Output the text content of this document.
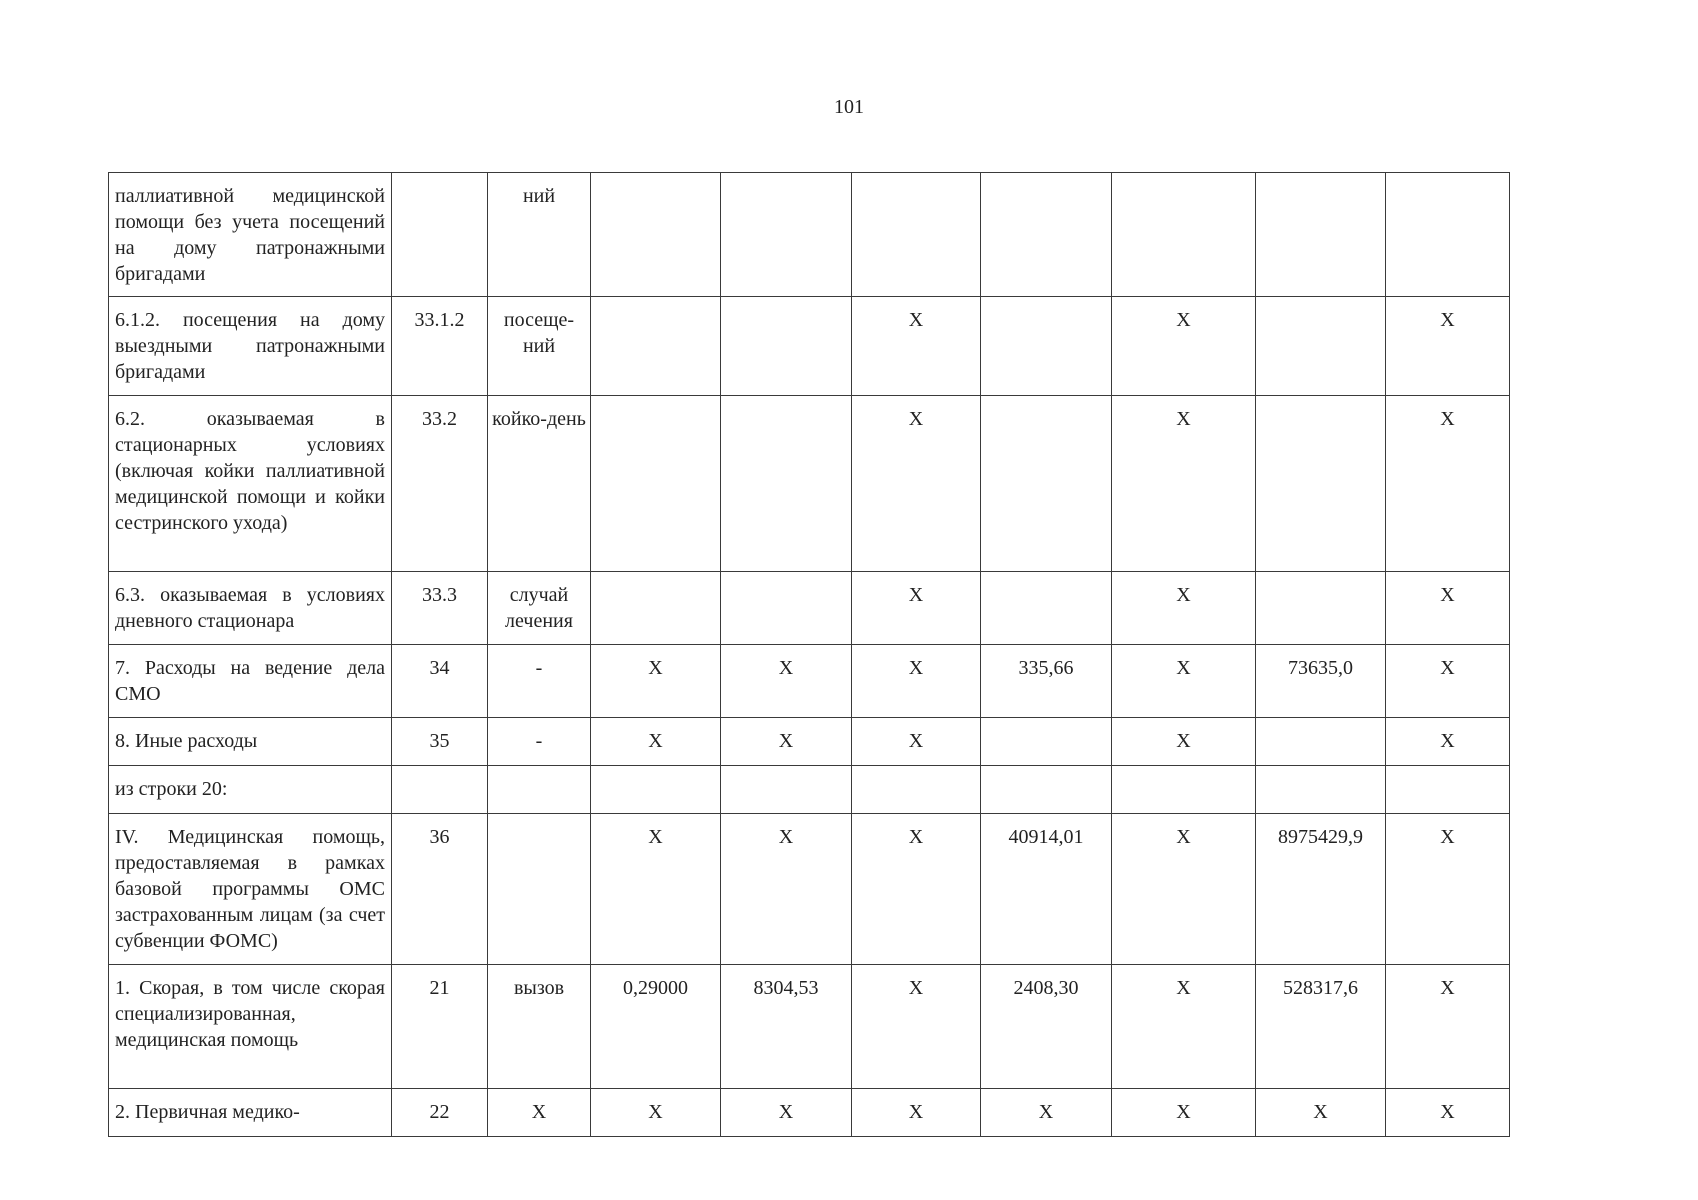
101
паллиативной медицинской помощи без учета посещений на дому патронажными бригадами		ний							
6.1.2. посещения на дому выездными патронажными бригадами	33.1.2	посеще-ний			X		X		X
6.2. оказываемая в стационарных условиях (включая койки паллиативной медицинской помощи и койки сестринского ухода)	33.2	койко-день			X		X		X
6.3. оказываемая в условиях дневного стационара	33.3	случай лечения			X		X		X
7. Расходы на ведение дела СМО	34	-	X	X	X	335,66	X	73635,0	X
8. Иные расходы	35	-	X	X	X		X		X
из строки 20:									
IV. Медицинская помощь, предоставляемая в рамках базовой программы ОМС застрахованным лицам (за счет субвенции ФОМС)	36		X	X	X	40914,01	X	8975429,9	X
1. Скорая, в том числе скорая специализированная, медицинская помощь	21	вызов	0,29000	8304,53	X	2408,30	X	528317,6	X
2. Первичная медико-	22	X	X	X	X	X	X	X	X
